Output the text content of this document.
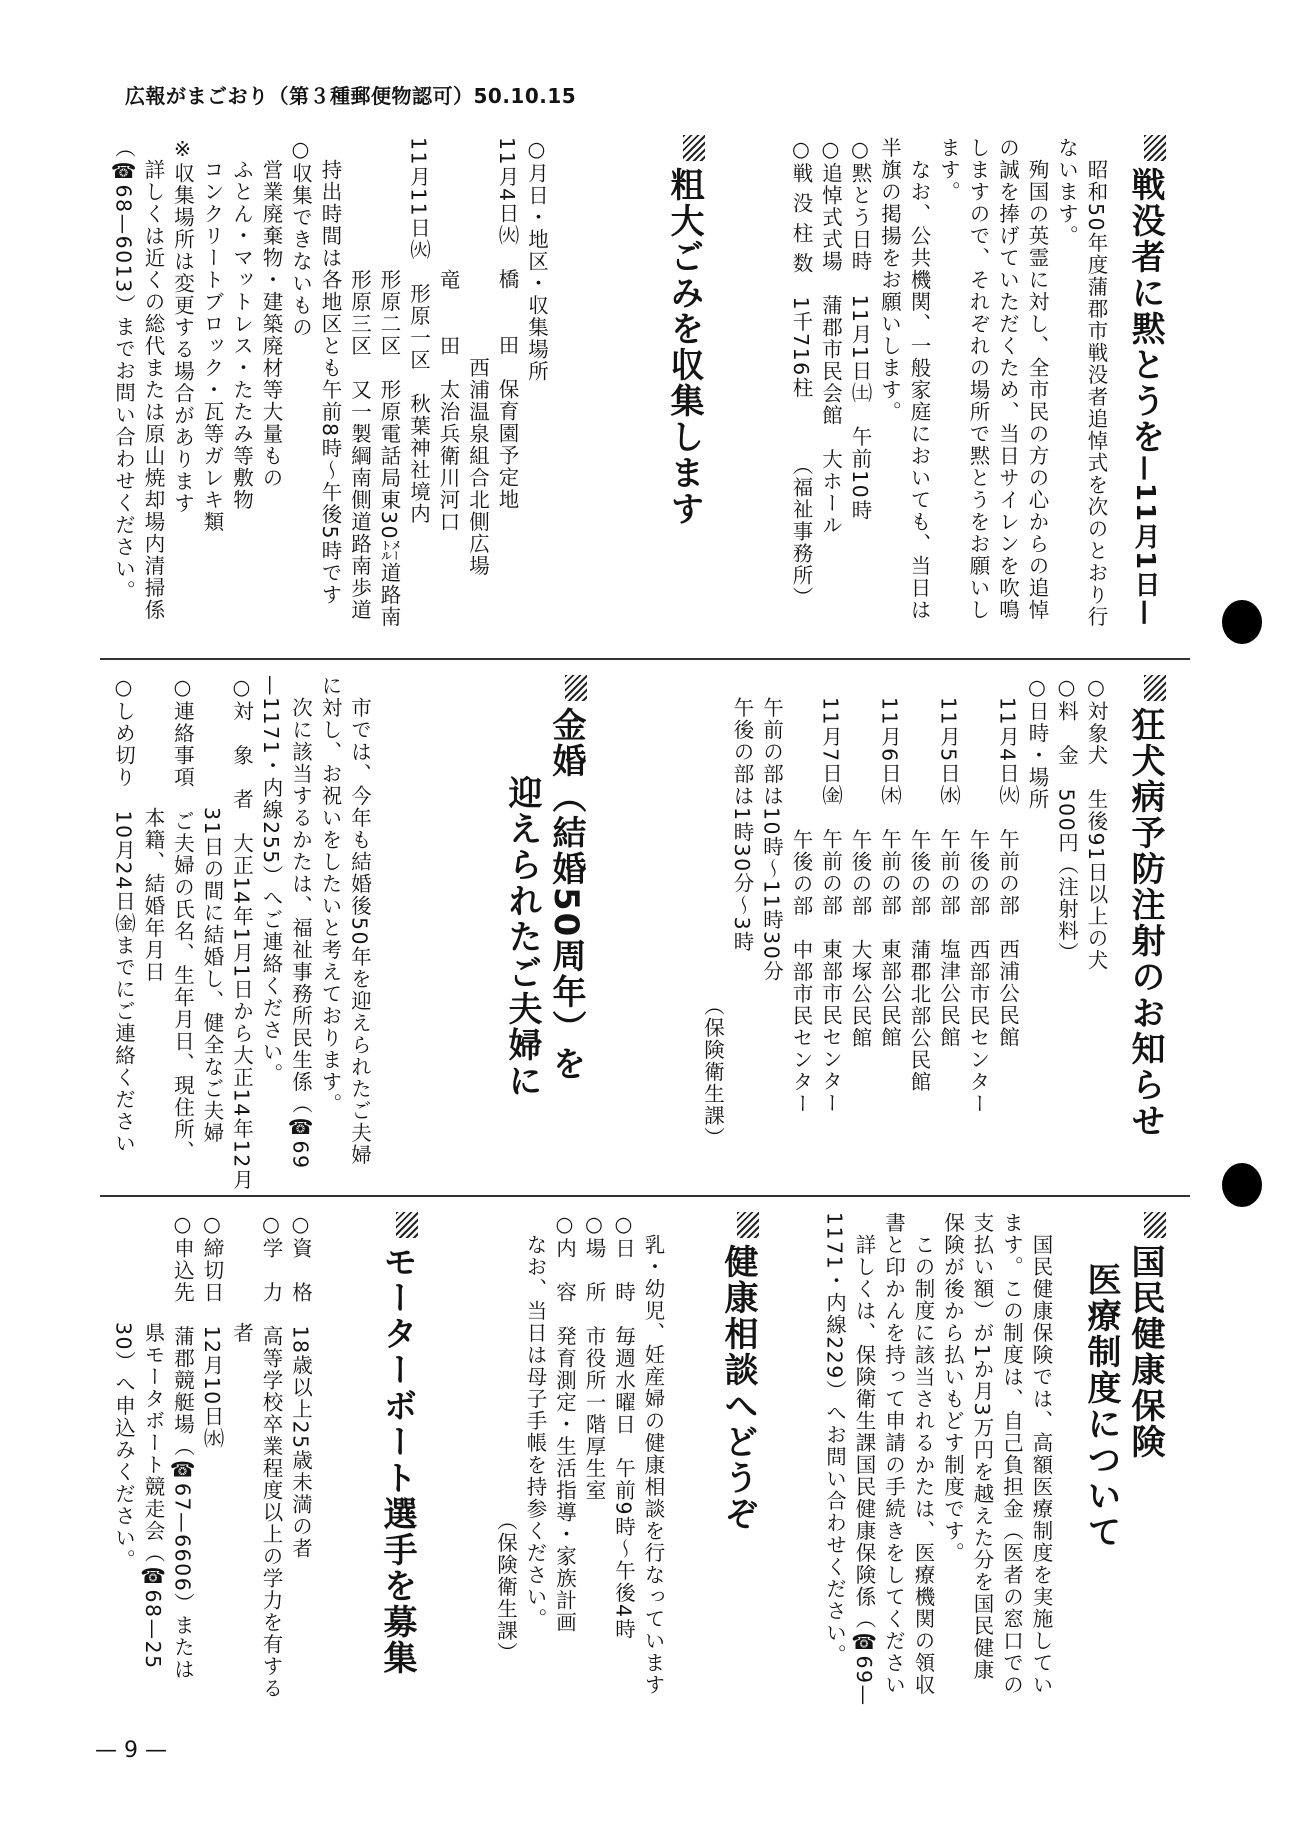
広報がまごおり（第３種郵便物認可）50.10.15
戦没者に黙とうを—11月1日—
　昭和50年度蒲郡市戦没者追悼式を次のとおり行
ないます。
　殉国の英霊に対し、全市民の方の心からの追悼
の誠を捧げていただくため、当日サイレンを吹鳴
しますので、それぞれの場所で黙とうをお願いし
ます。
　なお、公共機関、一般家庭においても、当日は
半旗の掲揚をお願いします。
○黙とう日時　11月1日㈯　午前10時
○追悼式式場　蒲郡市民会館　大ホール
○戦 没 柱 数　1千716柱　　　（福祉事務所）
粗大ごみを収集します
○月日・地区・収集場所
11月4日㈫　橋　　田　保育園予定地
　　　　　　　　　　西浦温泉組合北側広場
　　　　　　竜　　田　太治兵衛川河口
11月11日㈫　形原一区　秋葉神社境内
　　　　　　形原二区　形原電話局東30㍍道路南
　　　　　　形原三区　又一製綱南側道路南歩道
　持出時間は各地区とも午前8時〜午後5時です
○収集できないもの
　営業廃棄物・建築廃材等大量もの
　ふとん・マットレス・たたみ等敷物
　コンクリートブロック・瓦等ガレキ類
※収集場所は変更する場合があります
　詳しくは近くの総代または原山焼却場内清掃係
（☎68—6013）までお問い合わせください。
狂犬病予防注射のお知らせ
○対象犬　生後91日以上の犬
○料　金　500円（注射料）
○日時・場所
　11月4日㈫　午前の部　西浦公民館
　　　　　　　午後の部　西部市民センター
　11月5日㈬　午前の部　塩津公民館
　　　　　　　午後の部　蒲郡北部公民館
　11月6日㈭　午前の部　東部公民館
　　　　　　　午後の部　大塚公民館
　11月7日㈮　午前の部　東部市民センター
　　　　　　　午後の部　中部市民センター
　午前の部は10時〜11時30分
　午後の部は1時30分〜3時
　　　　　　　　　　　　　　　（保険衛生課）
金婚（結婚50周年）を
迎えられたご夫婦に
　市では、今年も結婚後50年を迎えられたご夫婦
に対し、お祝いをしたいと考えております。
　次に該当するかたは、福祉事務所民生係（☎69
—1171・内線255）へご連絡ください。
○対　象　者　大正14年1月1日から大正14年12月
　　　　　　31日の間に結婚し、健全なご夫婦
○連絡事項　ご夫婦の氏名、生年月日、現住所、
　　　　　　本籍、結婚年月日
○しめ切り　10月24日㈮までにご連絡ください
国民健康保険
医療制度について
　国民健康保険では、高額医療制度を実施してい
ます。この制度は、自己負担金（医者の窓口での
支払い額）が1か月3万円を越えた分を国民健康
保険が後から払いもどす制度です。
　この制度に該当されるかたは、医療機関の領収
書と印かんを持って申請の手続きをしてください
　詳しくは、保険衛生課国民健康保険係（☎69—
1171・内線229）へお問い合わせください。
健康相談へどうぞ
　乳・幼児、妊産婦の健康相談を行なっています
○日　時　毎週水曜日　午前9時〜午後4時
○場　所　市役所一階厚生室
○内　容　発育測定・生活指導・家族計画
　なお、当日は母子手帳を持参ください。
　　　　　　　　　　　　　　（保険衛生課）
モーターボート選手を募集
○資　格　18歳以上25歳未満の者
○学　力　高等学校卒業程度以上の学力を有する
　　　　　者
○締切日　12月10日㈬
○申込先　蒲郡競艇場（☎67—6606）または
　　　　　県モータボート競走会（☎68—25
　　　　　30）へ申込みください。
— 9 —
